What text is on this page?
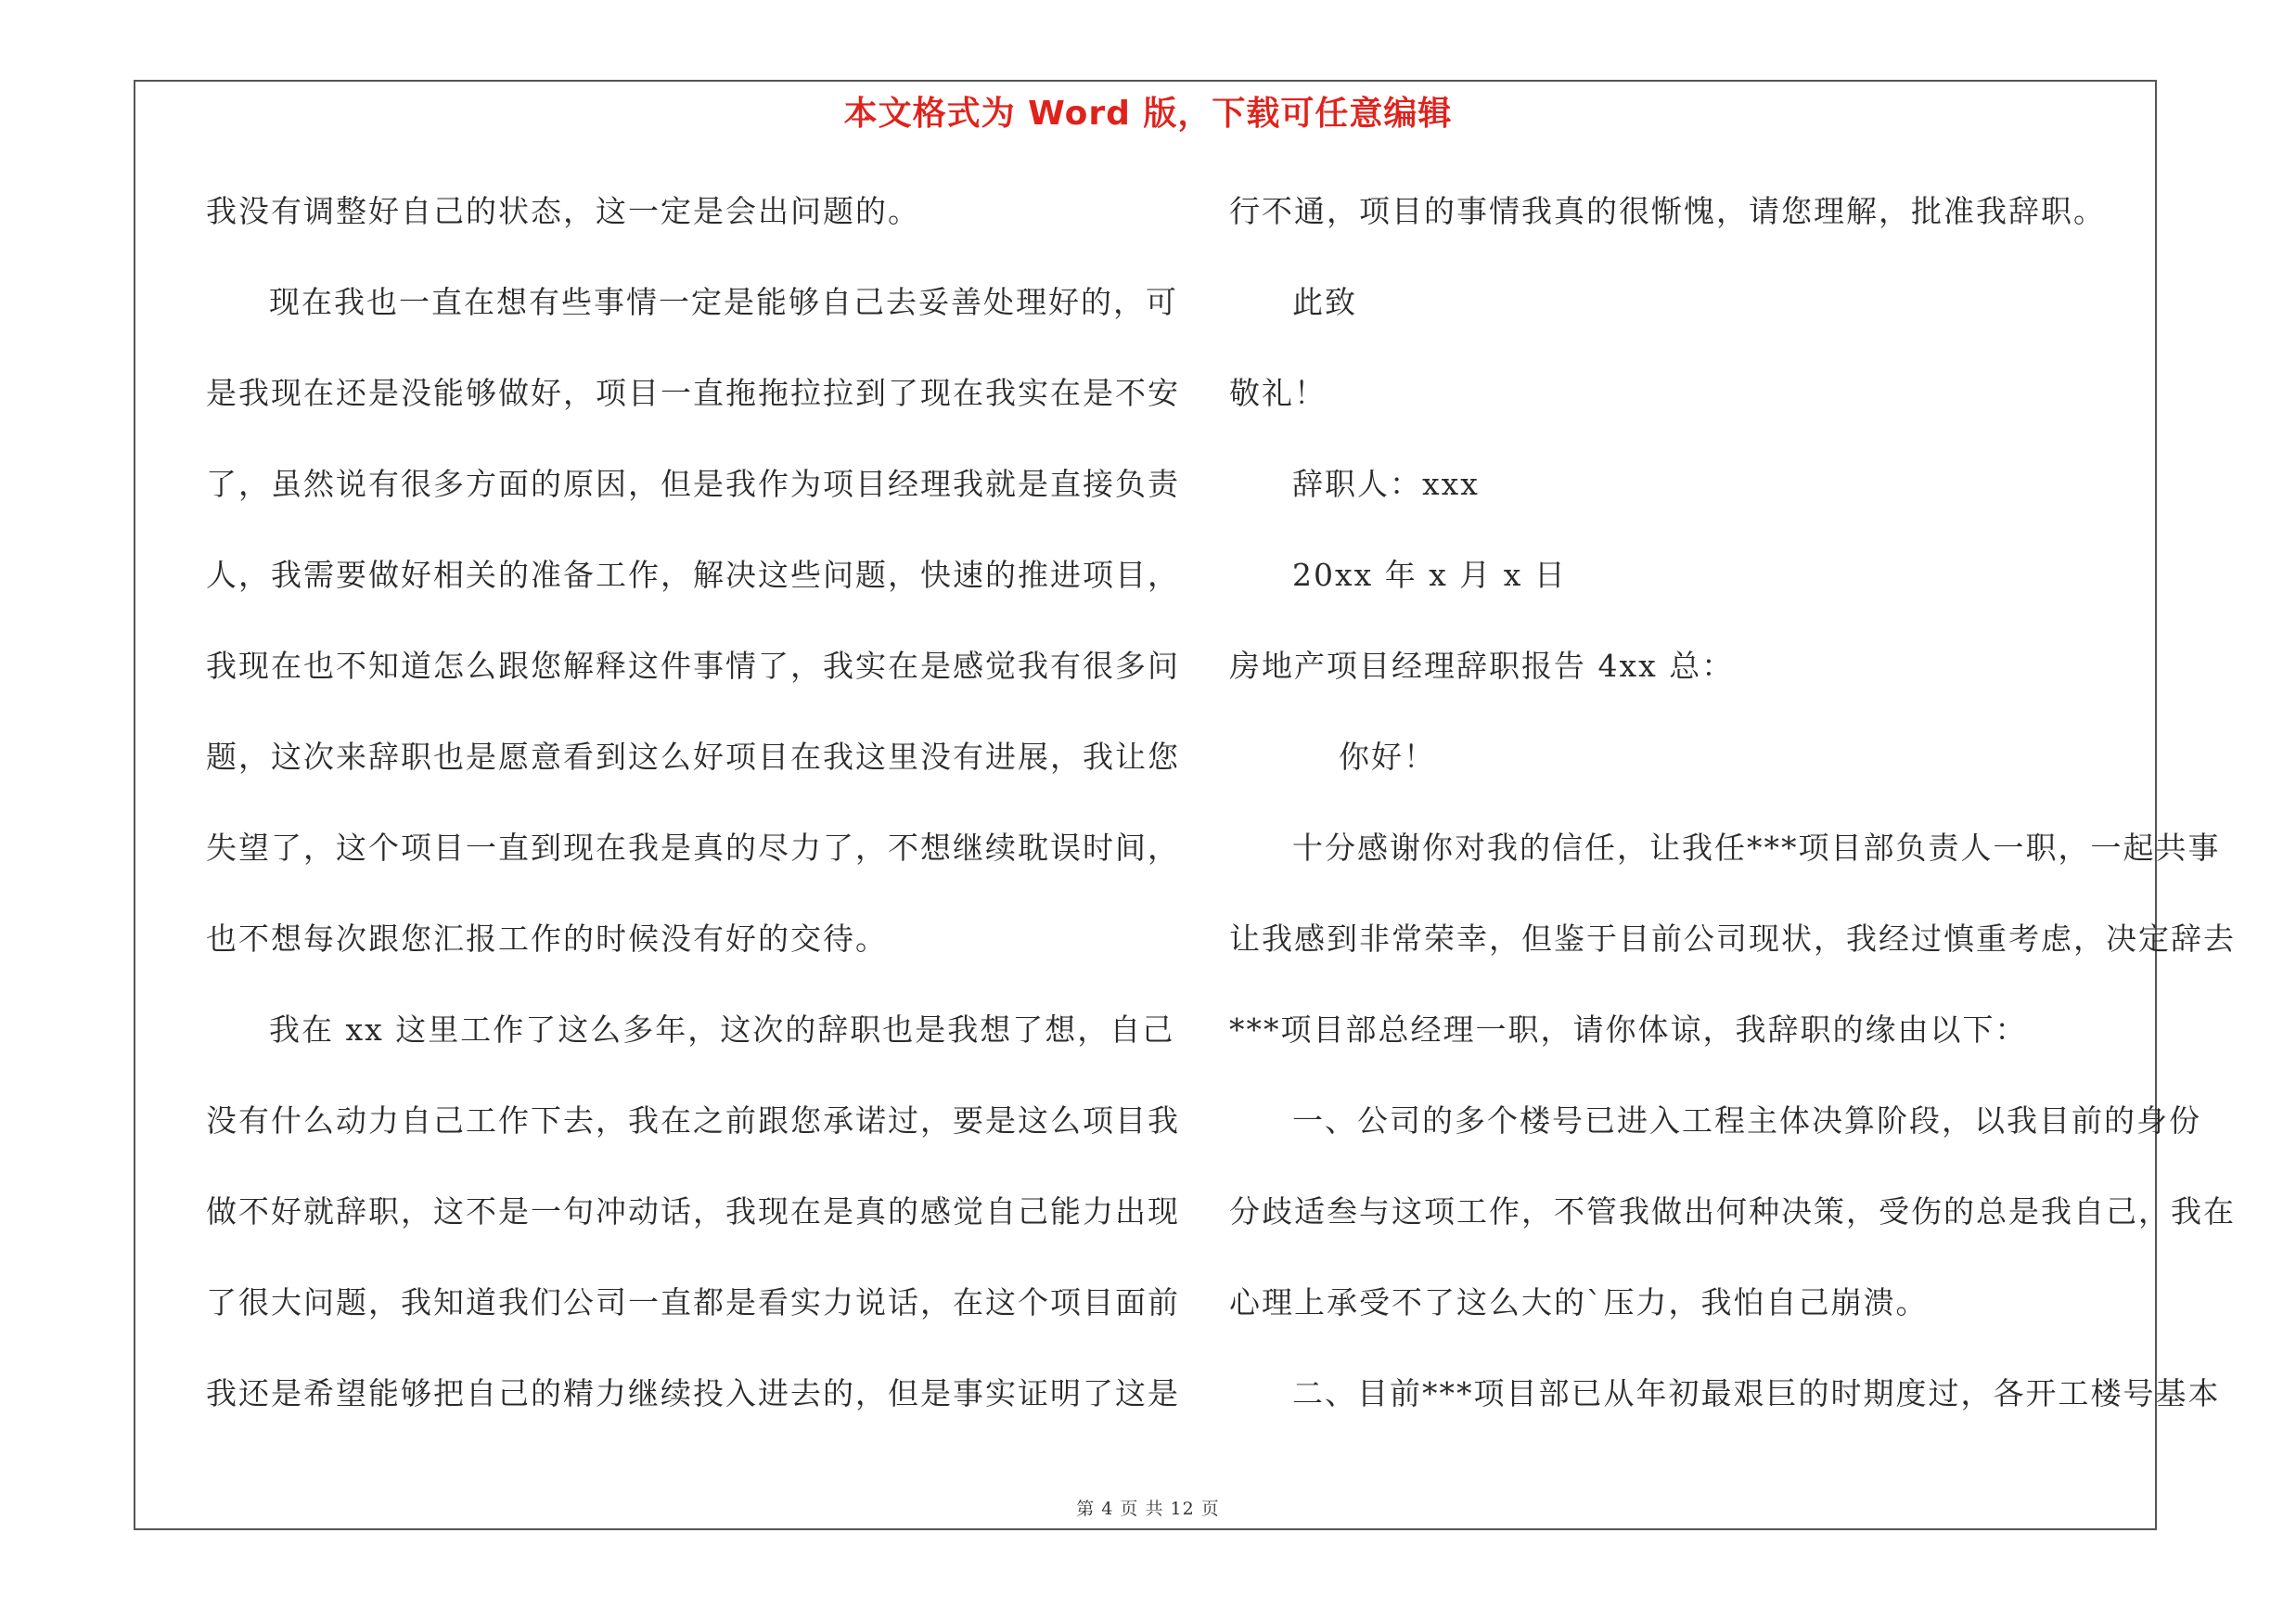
本文格式为 Word 版，下载可任意编辑
我没有调整好自己的状态，这一定是会出问题的。
现在我也一直在想有些事情一定是能够自己去妥善处理好的，可
是我现在还是没能够做好，项目一直拖拖拉拉到了现在我实在是不安
了，虽然说有很多方面的原因，但是我作为项目经理我就是直接负责
人，我需要做好相关的准备工作，解决这些问题，快速的推进项目，
我现在也不知道怎么跟您解释这件事情了，我实在是感觉我有很多问
题，这次来辞职也是愿意看到这么好项目在我这里没有进展，我让您
失望了，这个项目一直到现在我是真的尽力了，不想继续耽误时间，
也不想每次跟您汇报工作的时候没有好的交待。
我在 xx 这里工作了这么多年，这次的辞职也是我想了想，自己
没有什么动力自己工作下去，我在之前跟您承诺过，要是这么项目我
做不好就辞职，这不是一句冲动话，我现在是真的感觉自己能力出现
了很大问题，我知道我们公司一直都是看实力说话，在这个项目面前
我还是希望能够把自己的精力继续投入进去的，但是事实证明了这是
行不通，项目的事情我真的很惭愧，请您理解，批准我辞职。
此致
敬礼！
辞职人：xxx
20xx 年 x 月 x 日
房地产项目经理辞职报告 4xx 总：
你好！
十分感谢你对我的信任，让我任***项目部负责人一职，一起共事
让我感到非常荣幸，但鉴于目前公司现状，我经过慎重考虑，决定辞去
***项目部总经理一职，请你体谅，我辞职的缘由以下：
一、公司的多个楼号已进入工程主体决算阶段，以我目前的身份
分歧适叁与这项工作，不管我做出何种决策，受伤的总是我自己，我在
心理上承受不了这么大的`压力，我怕自己崩溃。
二、目前***项目部已从年初最艰巨的时期度过，各开工楼号基本
第 4 页 共 12 页
